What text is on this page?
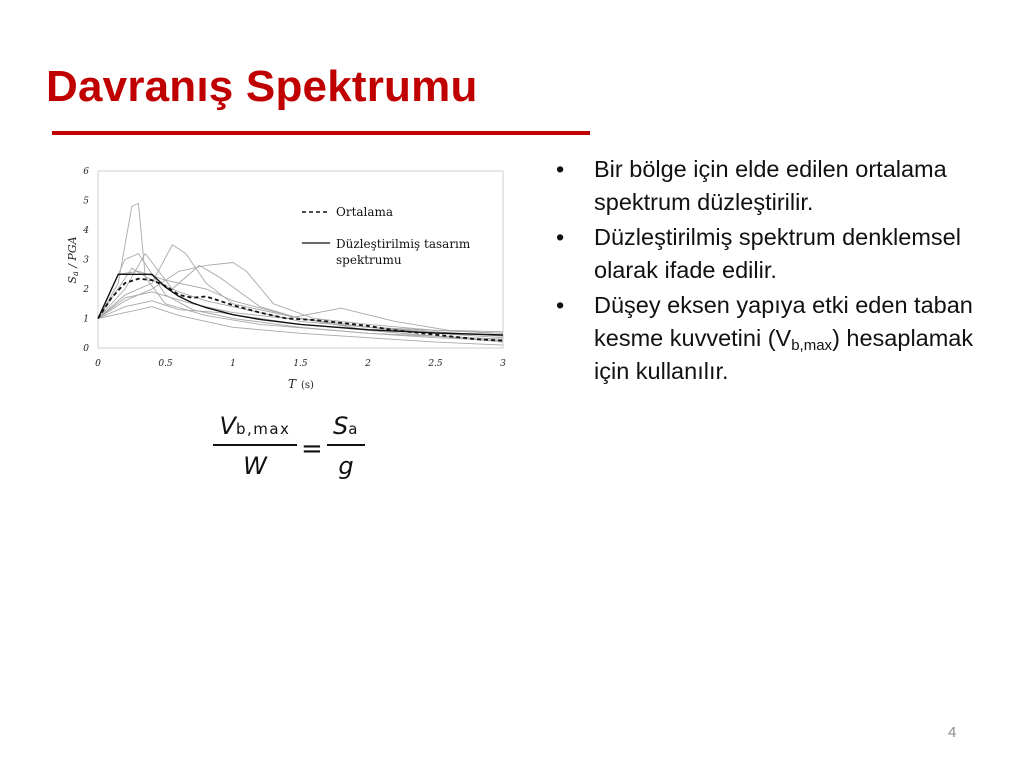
Davranış Spektrumu
0	0.5	1	1.5	2	2.5	3
0
1
2
3
4
5
6
Sa / PGA
T (s)
Ortalama
Düzleştirilmiş tasarım
spektrumu
• Bir bölge için elde edilen ortalama spektrum düzleştirilir.
• Düzleştirilmiş spektrum denklemsel olarak ifade edilir.
• Düşey eksen yapıya etki eden taban kesme kuvvetini $(V_{b,max})$ hesaplamak için kullanılır.
Vb,max
W
=
Sa
g
4
